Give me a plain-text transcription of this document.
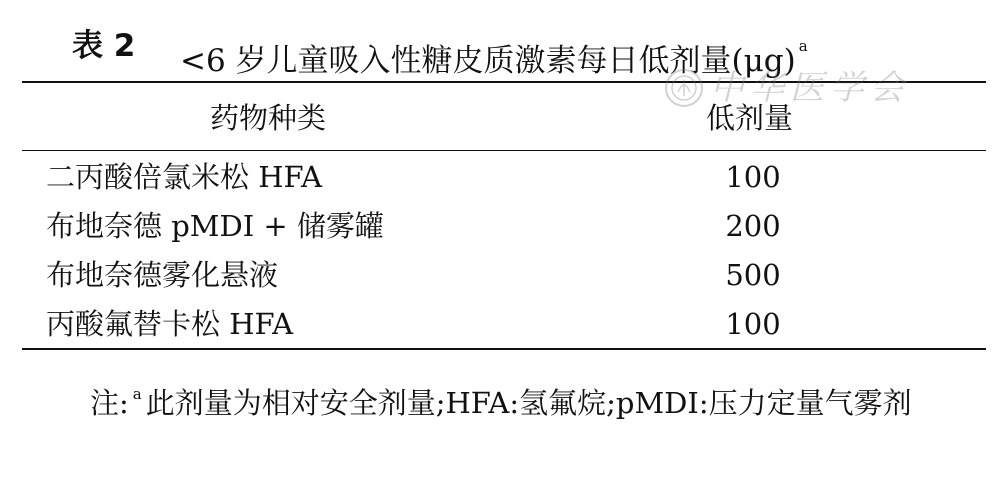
表 2 <6 岁儿童吸入性糖皮质激素每日低剂量(μg) $^a$
药物种类	低剂量
二丙酸倍氯米松 HFA	100
布地奈德 pMDI + 储雾罐	200
布地奈德雾化悬液	500
丙酸氟替卡松 HFA	100
注: $^a$ 此剂量为相对安全剂量;HFA:氢氟烷;pMDI:压力定量气雾剂
中华医学会
